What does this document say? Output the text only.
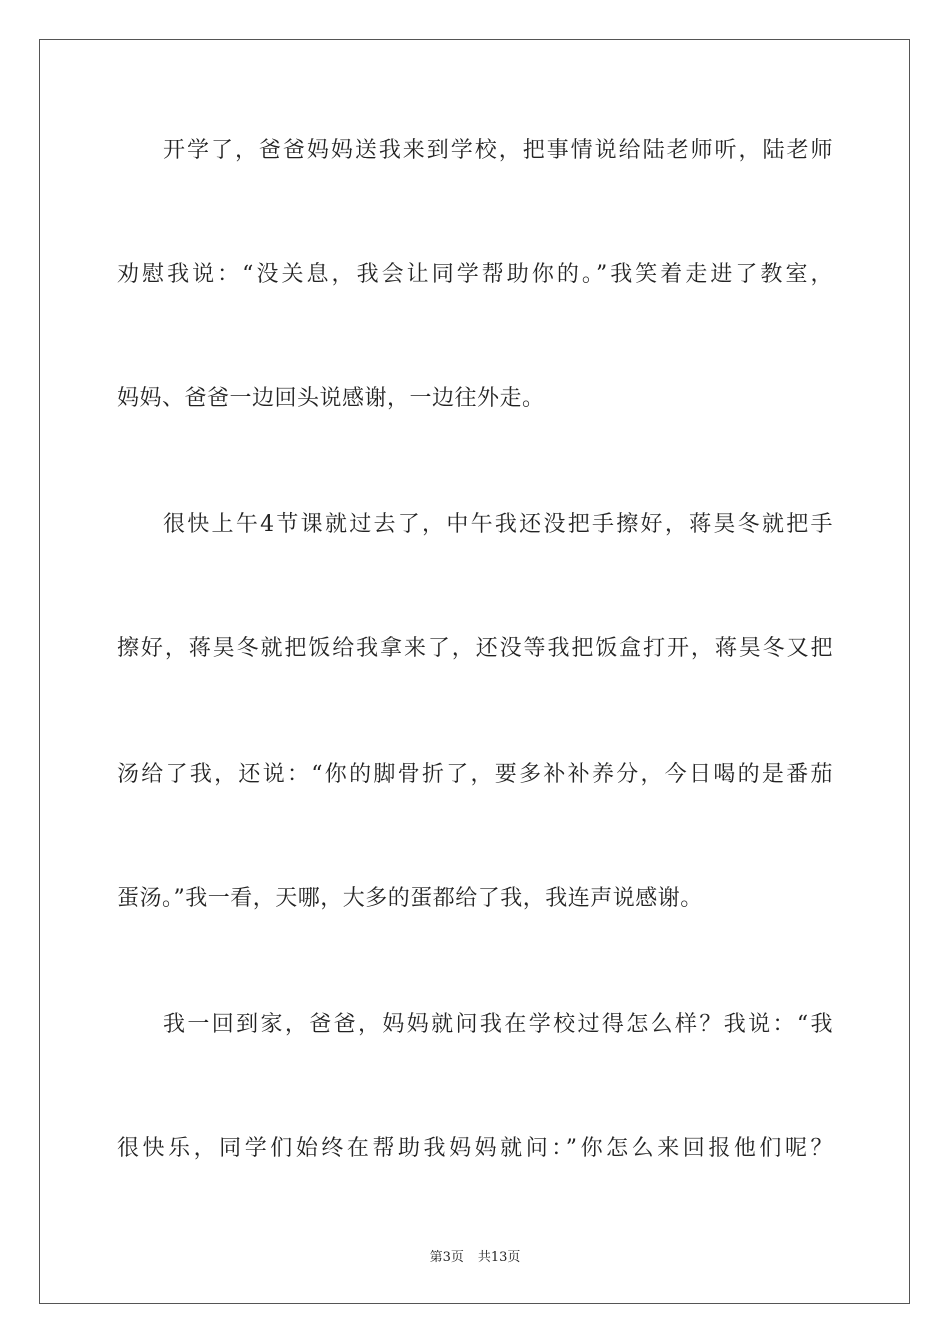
开学了，爸爸妈妈送我来到学校，把事情说给陆老师听，陆老师
劝慰我说：“没关息，我会让同学帮助你的。”我笑着走进了教室，
妈妈、爸爸一边回头说感谢，一边往外走。
很快上午4节课就过去了，中午我还没把手擦好，蒋昊冬就把手
擦好，蒋昊冬就把饭给我拿来了，还没等我把饭盒打开，蒋昊冬又把
汤给了我，还说：“你的脚骨折了，要多补补养分，今日喝的是番茄
蛋汤。”我一看，天哪，大多的蛋都给了我，我连声说感谢。
我一回到家，爸爸，妈妈就问我在学校过得怎么样？我说：“我
很快乐，同学们始终在帮助我妈妈就问：”你怎么来回报他们呢？
第3页 共13页
